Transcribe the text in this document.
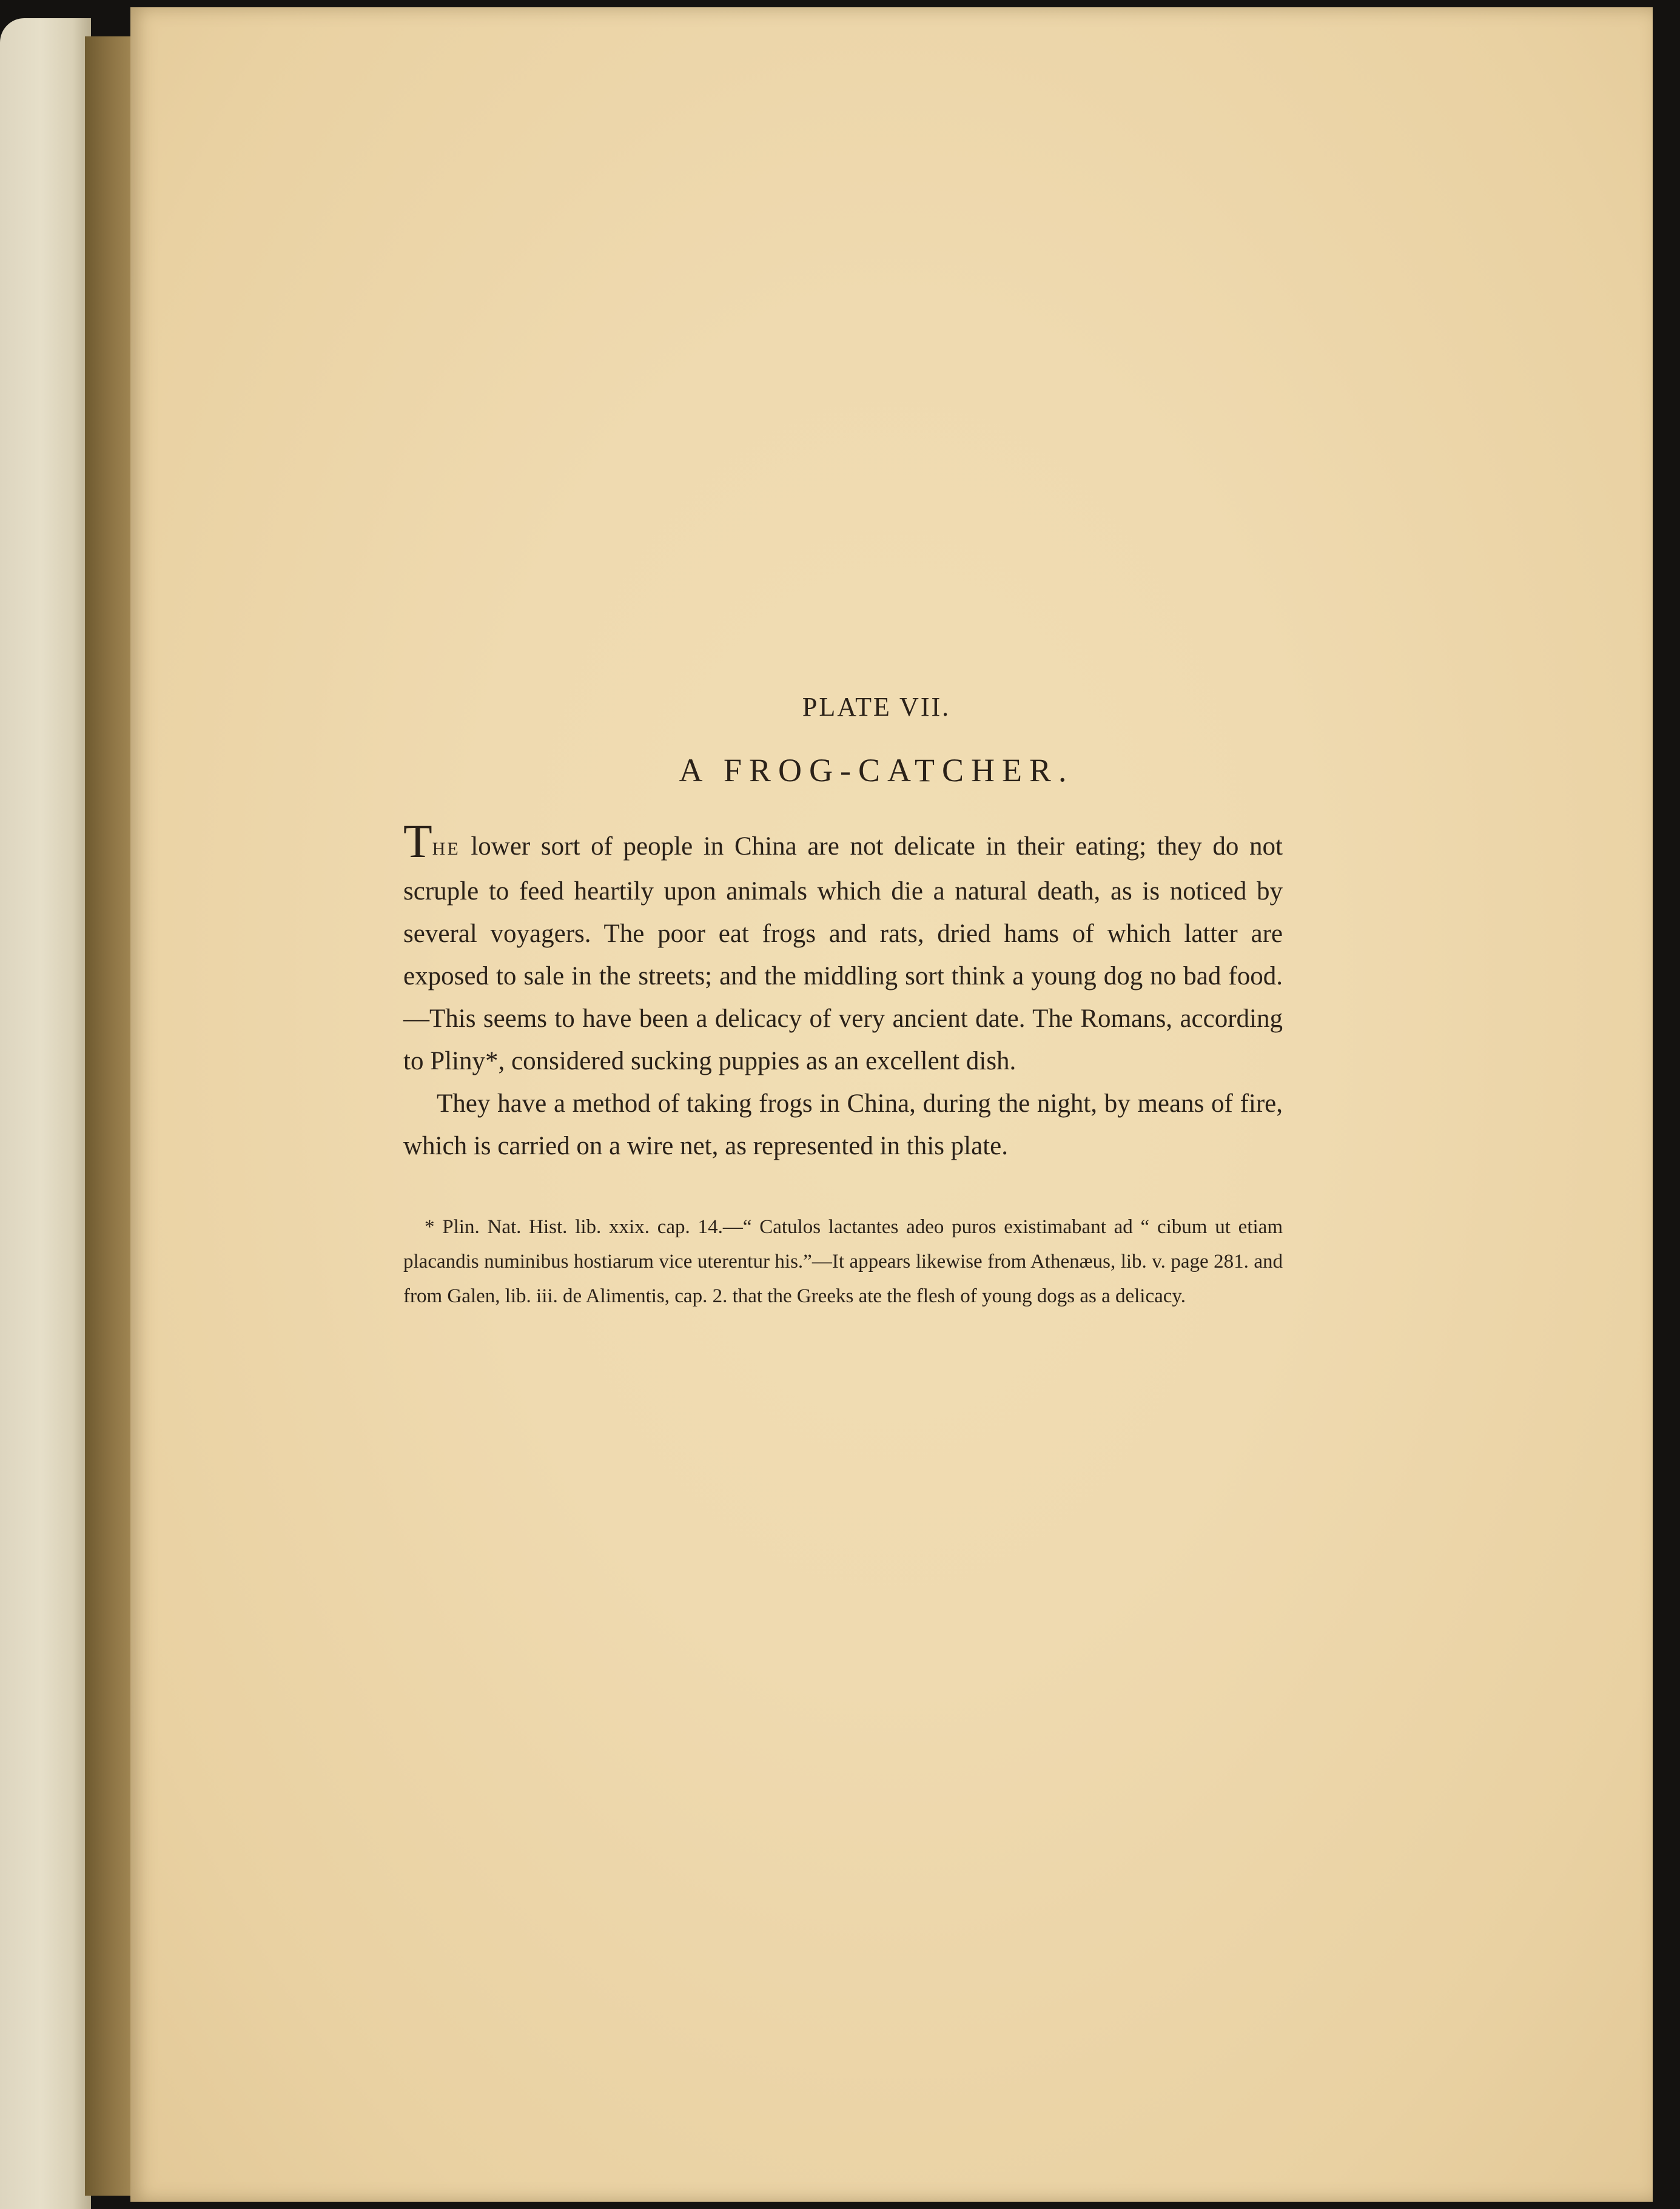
PLATE VII.
A FROG-CATCHER.

THE lower sort of people in China are not delicate in their eating; they do not scruple to feed heartily upon animals which die a natural death, as is noticed by several voyagers. The poor eat frogs and rats, dried hams of which latter are exposed to sale in the streets; and the middling sort think a young dog no bad food.—This seems to have been a delicacy of very ancient date. The Romans, according to Pliny*, considered sucking puppies as an excellent dish.

They have a method of taking frogs in China, during the night, by means of fire, which is carried on a wire net, as represented in this plate.

* Plin. Nat. Hist. lib. xxix. cap. 14.—“ Catulos lactantes adeo puros existimabant ad “ cibum ut etiam placandis numinibus hostiarum vice uterentur his.”—It appears likewise from Athenæus, lib. v. page 281. and from Galen, lib. iii. de Alimentis, cap. 2. that the Greeks ate the flesh of young dogs as a delicacy.
